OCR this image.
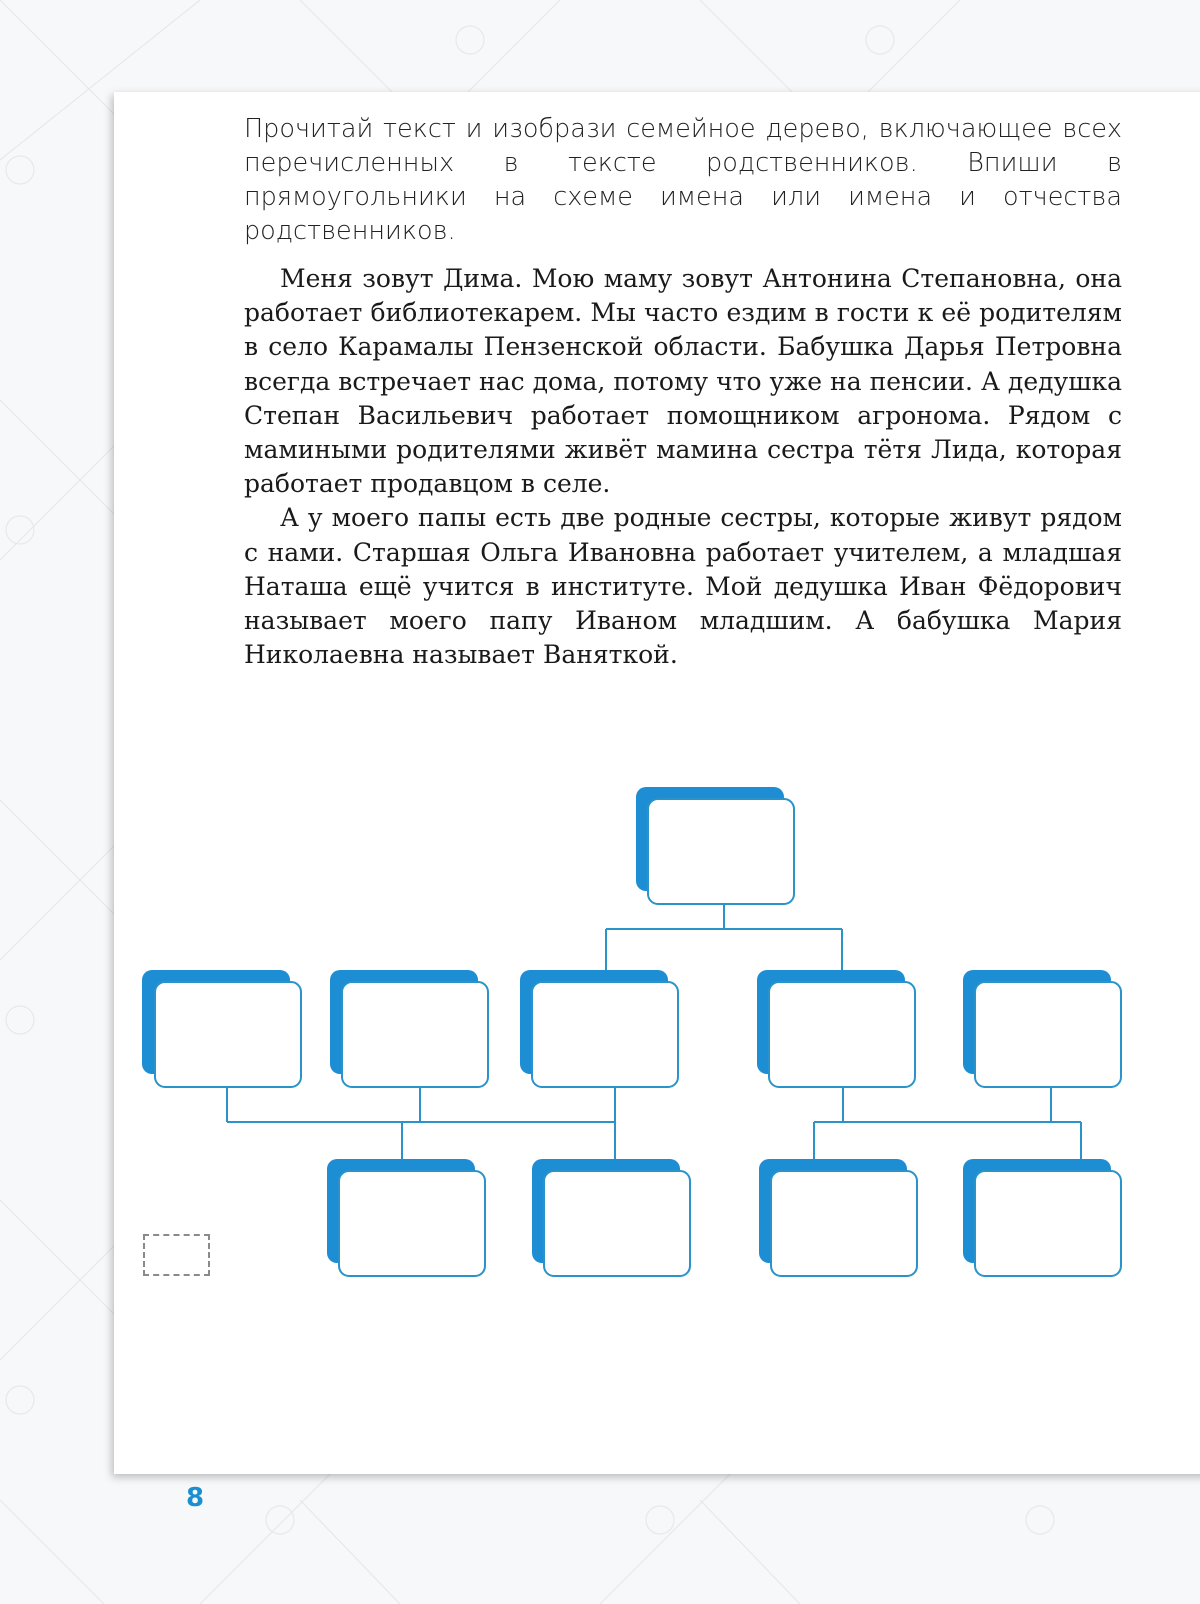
Прочитай текст и изобрази семейное дерево, включающее всех перечисленных в тексте родственников. Впиши в прямоугольники на схеме имена или имена и отчества родственников.

Меня зовут Дима. Мою маму зовут Антонина Степановна, она работает библиотекарем. Мы часто ездим в гости к её родителям в село Карамалы Пензенской области. Бабушка Дарья Петровна всегда встречает нас дома, потому что уже на пенсии. А дедушка Степан Васильевич работает помощником агронома. Рядом с мамиными родителями живёт мамина сестра тётя Лида, которая работает продавцом в селе.

А у моего папы есть две родные сестры, которые живут рядом с нами. Старшая Ольга Ивановна работает учителем, а младшая Наташа ещё учится в институте. Мой дедушка Иван Фёдорович называет моего папу Иваном младшим. А бабушка Мария Николаевна называет Ваняткой.

8
